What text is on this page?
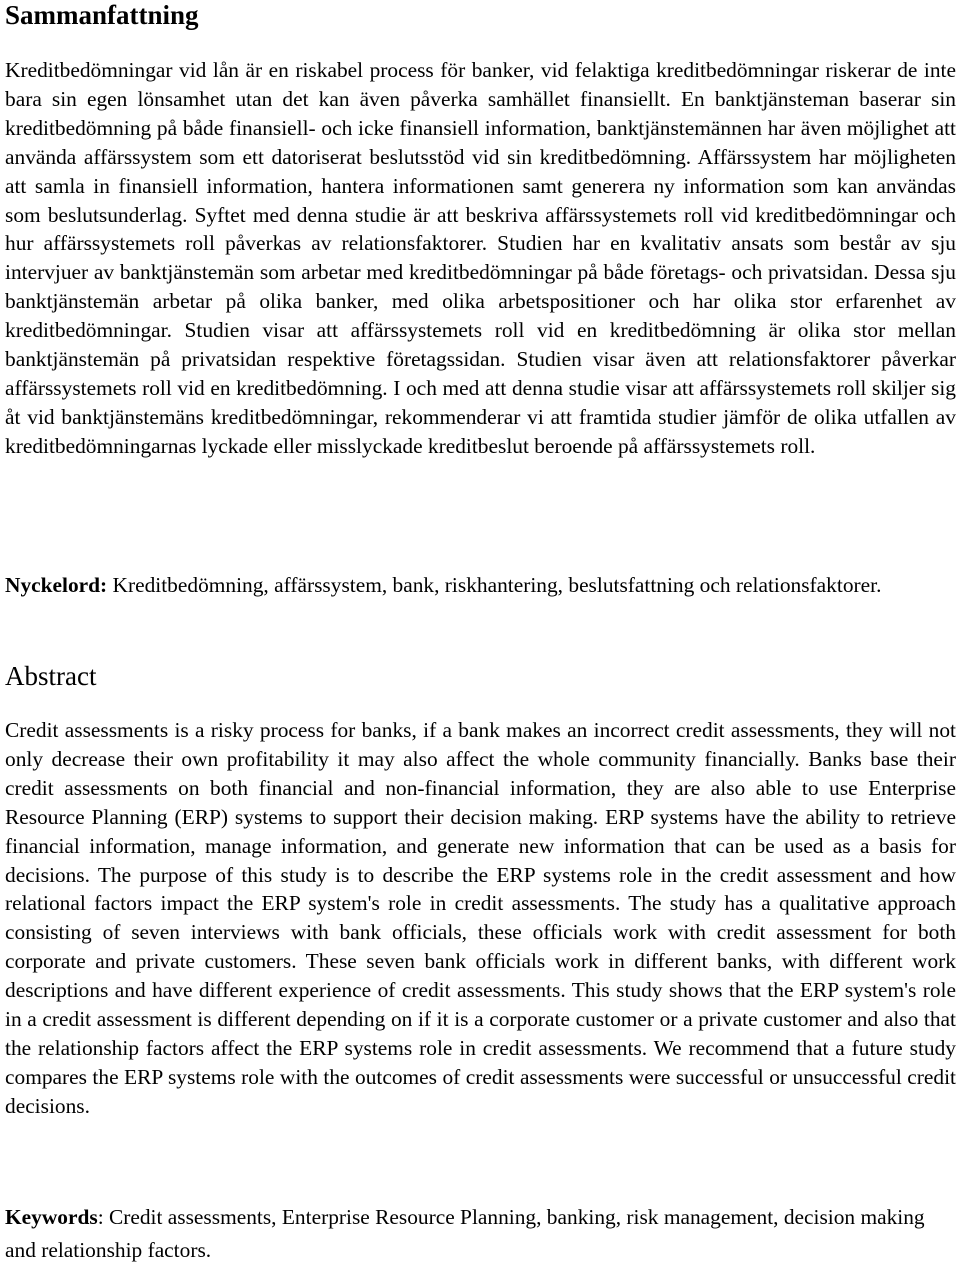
Sammanfattning

Kreditbedömningar vid lån är en riskabel process för banker, vid felaktiga kreditbedömningar riskerar de inte bara sin egen lönsamhet utan det kan även påverka samhället finansiellt. En banktjänsteman baserar sin kreditbedömning på både finansiell- och icke finansiell information, banktjänstemännen har även möjlighet att använda affärssystem som ett datoriserat beslutsstöd vid sin kreditbedömning. Affärssystem har möjligheten att samla in finansiell information, hantera informationen samt generera ny information som kan användas som beslutsunderlag. Syftet med denna studie är att beskriva affärssystemets roll vid kreditbedömningar och hur affärssystemets roll påverkas av relationsfaktorer. Studien har en kvalitativ ansats som består av sju intervjuer av banktjänstemän som arbetar med kreditbedömningar på både företags- och privatsidan. Dessa sju banktjänstemän arbetar på olika banker, med olika arbetspositioner och har olika stor erfarenhet av kreditbedömningar. Studien visar att affärssystemets roll vid en kreditbedömning är olika stor mellan banktjänstemän på privatsidan respektive företagssidan. Studien visar även att relationsfaktorer påverkar affärssystemets roll vid en kreditbedömning. I och med att denna studie visar att affärssystemets roll skiljer sig åt vid banktjänstemäns kreditbedömningar, rekommenderar vi att framtida studier jämför de olika utfallen av kreditbedömningarnas lyckade eller misslyckade kreditbeslut beroende på affärssystemets roll.

Nyckelord: Kreditbedömning, affärssystem, bank, riskhantering, beslutsfattning och relationsfaktorer.

Abstract

Credit assessments is a risky process for banks, if a bank makes an incorrect credit assessments, they will not only decrease their own profitability it may also affect the whole community financially. Banks base their credit assessments on both financial and non-financial information, they are also able to use Enterprise Resource Planning (ERP) systems to support their decision making. ERP systems have the ability to retrieve financial information, manage information, and generate new information that can be used as a basis for decisions. The purpose of this study is to describe the ERP systems role in the credit assessment and how relational factors impact the ERP system's role in credit assessments. The study has a qualitative approach consisting of seven interviews with bank officials, these officials work with credit assessment for both corporate and private customers. These seven bank officials work in different banks, with different work descriptions and have different experience of credit assessments. This study shows that the ERP system's role in a credit assessment is different depending on if it is a corporate customer or a private customer and also that the relationship factors affect the ERP systems role in credit assessments. We recommend that a future study compares the ERP systems role with the outcomes of credit assessments were successful or unsuccessful credit decisions.

Keywords: Credit assessments, Enterprise Resource Planning, banking, risk management, decision making and relationship factors.
